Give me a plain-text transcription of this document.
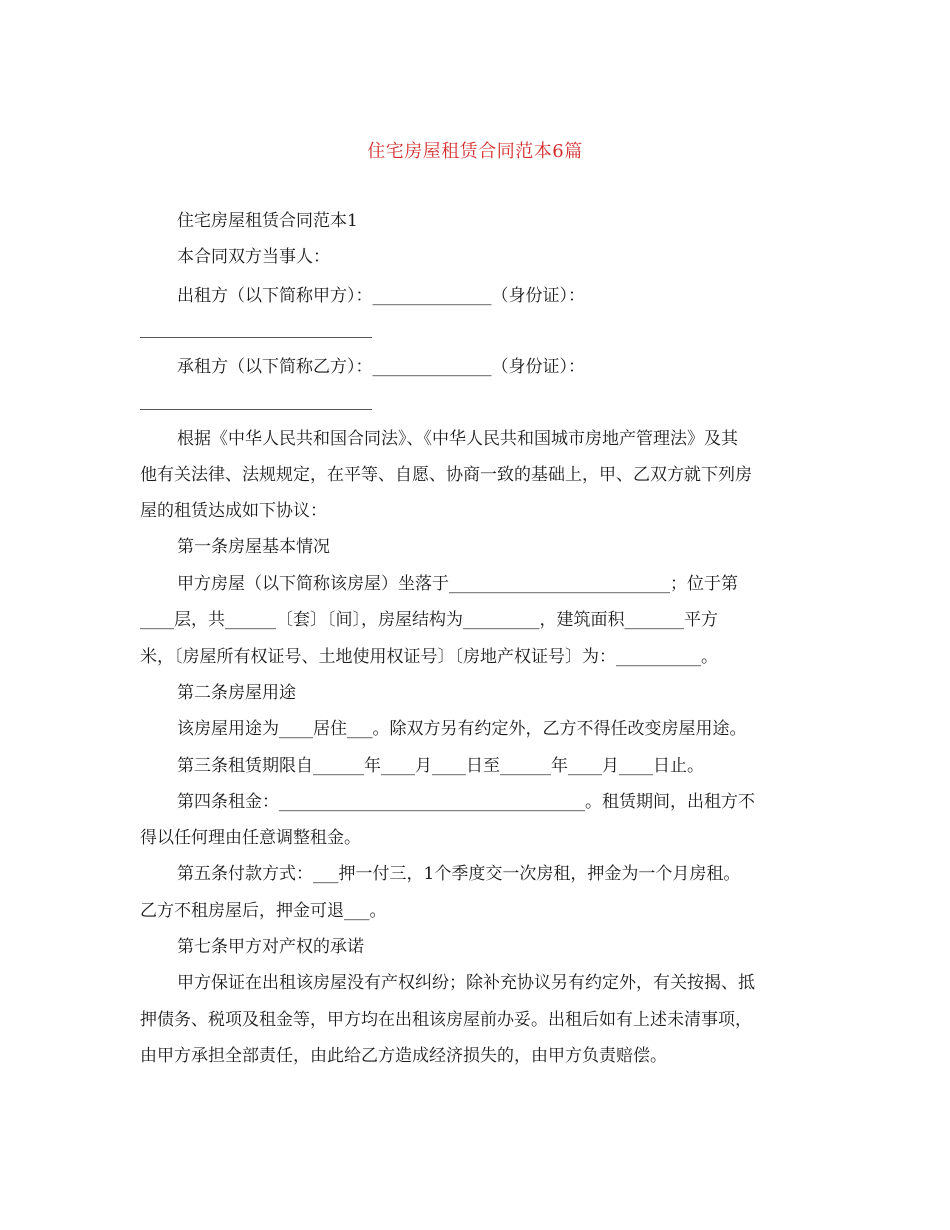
住宅房屋租赁合同范本6篇
住宅房屋租赁合同范本1
本合同双方当事人：
出租方（以下简称甲方）：______________（身份证）：
承租方（以下简称乙方）：______________（身份证）：
根据《中华人民共和国合同法》、《中华人民共和国城市房地产管理法》及其
他有关法律、法规规定，在平等、自愿、协商一致的基础上，甲、乙双方就下列房
屋的租赁达成如下协议：
第一条房屋基本情况
甲方房屋（以下简称该房屋）坐落于__________________________；位于第
____层，共______〔套〕〔间〕，房屋结构为_________，建筑面积_______平方
米，〔房屋所有权证号、土地使用权证号〕〔房地产权证号〕为：__________。
第二条房屋用途
该房屋用途为____居住___。除双方另有约定外，乙方不得任改变房屋用途。
第三条租赁期限自______年____月____日至______年____月____日止。
第四条租金：____________________________________。租赁期间，出租方不
得以任何理由任意调整租金。
第五条付款方式：___押一付三，1个季度交一次房租，押金为一个月房租。
乙方不租房屋后，押金可退___。
第七条甲方对产权的承诺
甲方保证在出租该房屋没有产权纠纷；除补充协议另有约定外，有关按揭、抵
押债务、税项及租金等，甲方均在出租该房屋前办妥。出租后如有上述未清事项，
由甲方承担全部责任，由此给乙方造成经济损失的，由甲方负责赔偿。
